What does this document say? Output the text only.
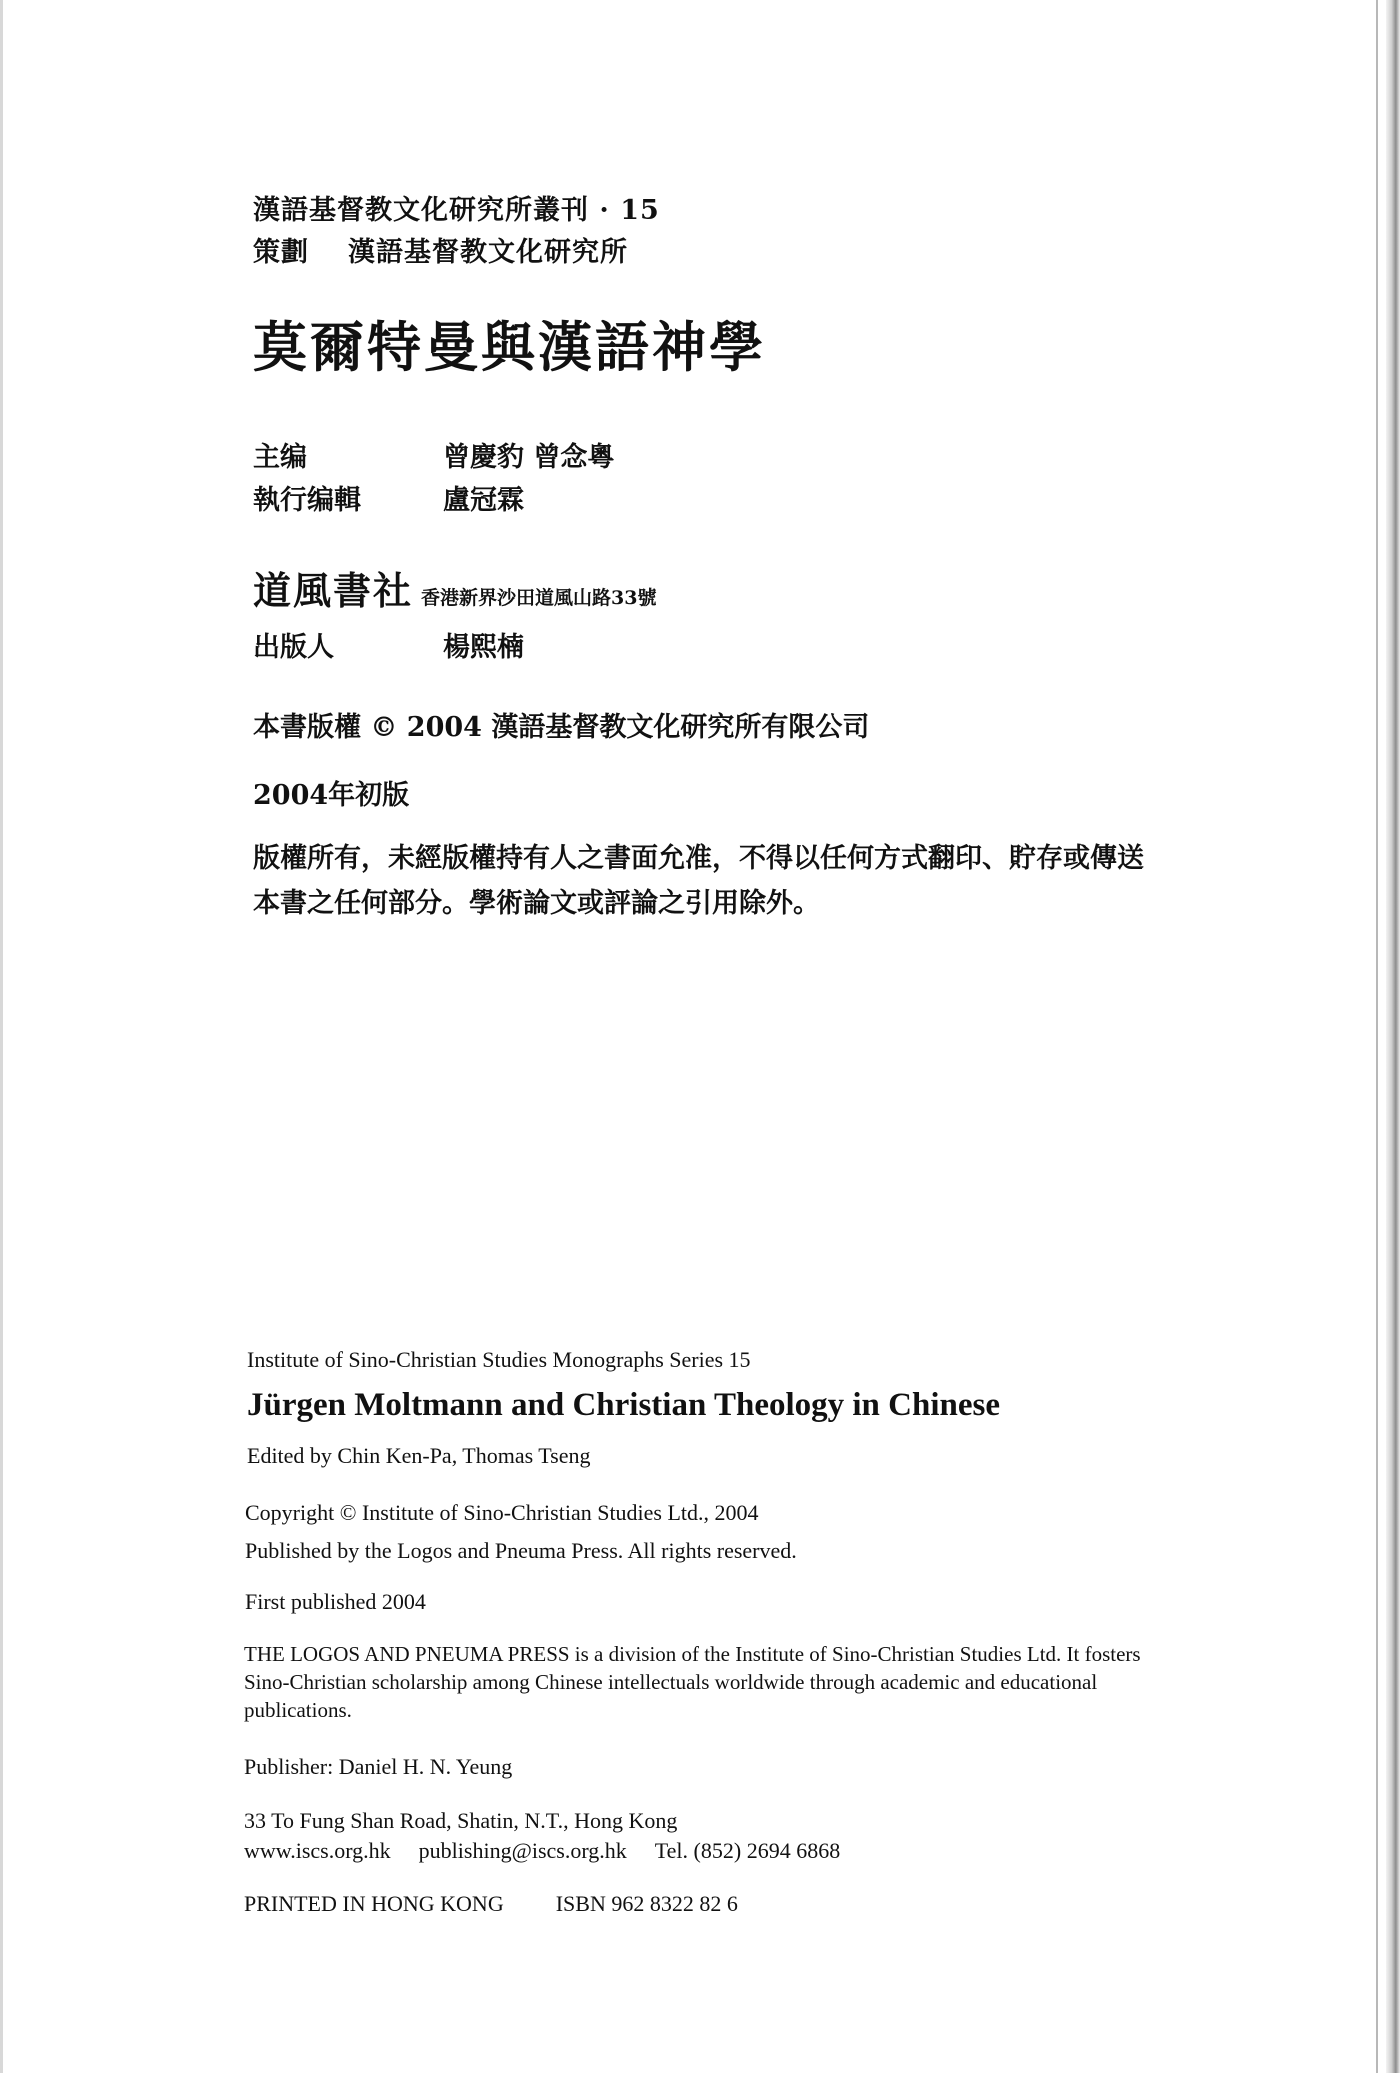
漢語基督教文化研究所叢刊 · 15
策劃 漢語基督教文化研究所
莫爾特曼與漢語神學
主编	曾慶豹 曾念粵
執行编輯	盧冠霖
道風書社 香港新界沙田道風山路33號
出版人	楊熙楠
本書版權 © 2004 漢語基督教文化研究所有限公司
2004年初版
版權所有，未經版權持有人之書面允准，不得以任何方式翻印、貯存或傳送
本書之任何部分。學術論文或評論之引用除外。
Institute of Sino-Christian Studies Monographs Series 15
Jürgen Moltmann and Christian Theology in Chinese
Edited by Chin Ken-Pa, Thomas Tseng
Copyright © Institute of Sino-Christian Studies Ltd., 2004
Published by the Logos and Pneuma Press. All rights reserved.
First published 2004
THE LOGOS AND PNEUMA PRESS is a division of the Institute of Sino-Christian Studies Ltd. It fosters Sino-Christian scholarship among Chinese intellectuals worldwide through academic and educational publications.
Publisher: Daniel H. N. Yeung
33 To Fung Shan Road, Shatin, N.T., Hong Kong
www.iscs.org.hk publishing@iscs.org.hk Tel. (852) 2694 6868
PRINTED IN HONG KONG ISBN 962 8322 82 6
